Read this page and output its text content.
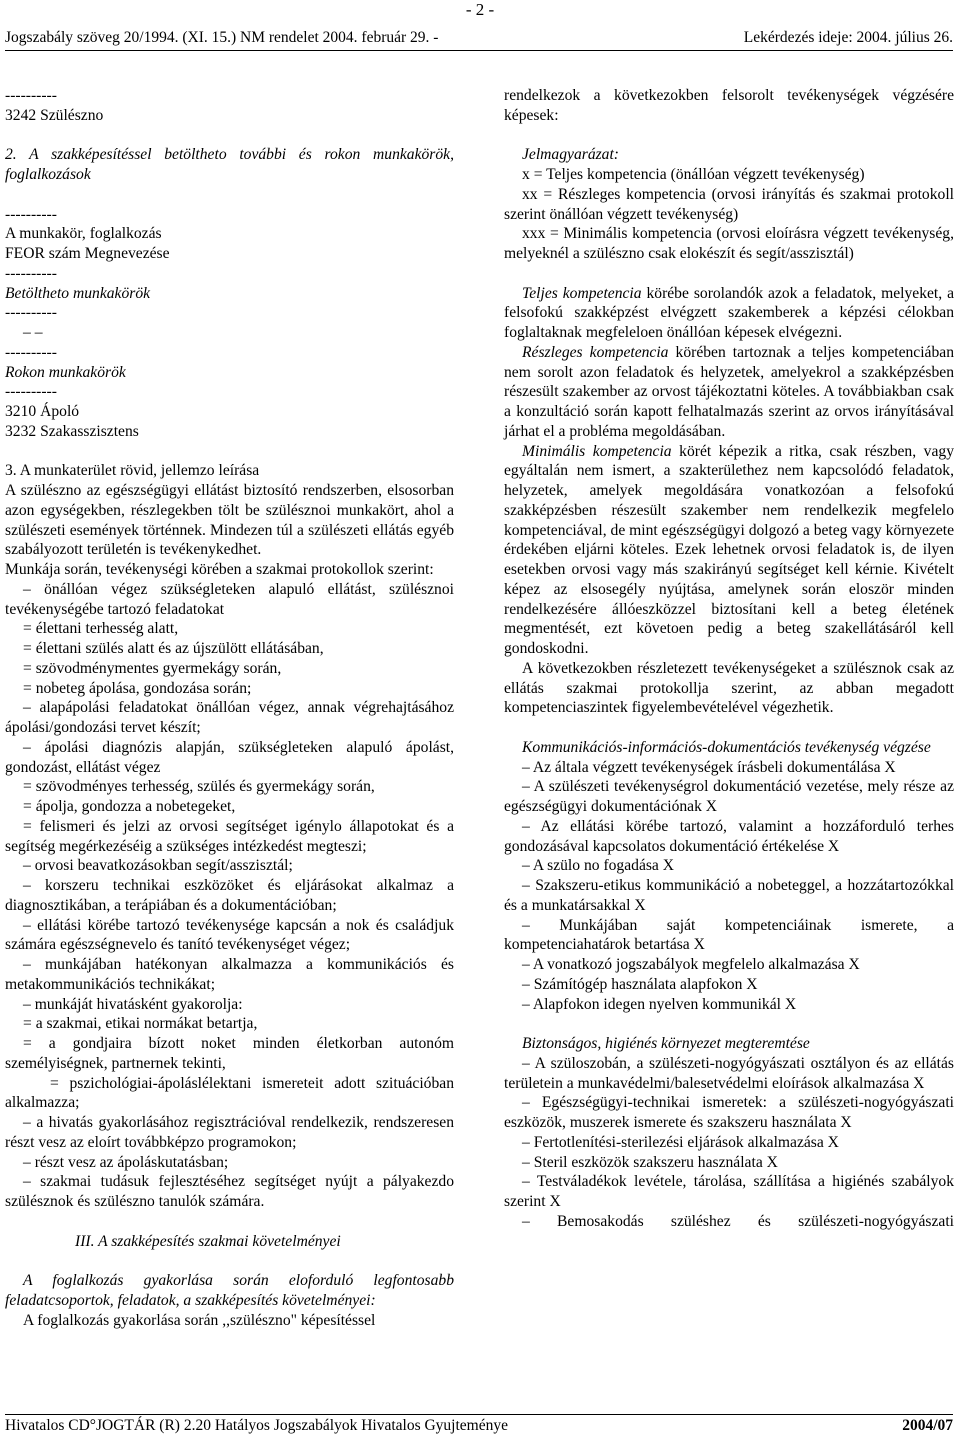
- 2 -
Jogszabály szöveg 20/1994. (XI. 15.) NM rendelet 2004. február 29. -	Lekérdezés ideje: 2004. július 26.

----------

3242 Szülészno

2. A szakképesítéssel betöltheto további és rokon munkakörök, foglalkozások

----------

A munkakör, foglalkozás

FEOR szám Megnevezése

----------

Betöltheto munkakörök

----------

– –

----------

Rokon munkakörök

----------

3210 Ápoló

3232 Szakasszisztens

3. A munkaterület rövid, jellemzo leírása

A szülészno az egészségügyi ellátást biztosító rendszerben, elsosorban azon egységekben, részlegekben tölt be szülésznoi munkakört, ahol a szülészeti események történnek. Mindezen túl a szülészeti ellátás egyéb szabályozott területén is tevékenykedhet.

Munkája során, tevékenységi körében a szakmai protokollok szerint:

– önállóan végez szükségleteken alapuló ellátást, szülésznoi tevékenységébe tartozó feladatokat

= élettani terhesség alatt,

= élettani szülés alatt és az újszülött ellátásában,

= szövodménymentes gyermekágy során,

= nobeteg ápolása, gondozása során;

– alapápolási feladatokat önállóan végez, annak végrehajtásához ápolási/gondozási tervet készít;

– ápolási diagnózis alapján, szükségleteken alapuló ápolást, gondozást, ellátást végez

= szövodményes terhesség, szülés és gyermekágy során,

= ápolja, gondozza a nobetegeket,

= felismeri és jelzi az orvosi segítséget igénylo állapotokat és a segítség megérkezéséig a szükséges intézkedést megteszi;

– orvosi beavatkozásokban segít/asszisztál;

– korszeru technikai eszközöket és eljárásokat alkalmaz a diagnosztikában, a terápiában és a dokumentációban;

– ellátási körébe tartozó tevékenysége kapcsán a nok és családjuk számára egészségnevelo és tanító tevékenységet végez;

– munkájában hatékonyan alkalmazza a kommunikációs és metakommunikációs technikákat;

– munkáját hivatásként gyakorolja:

= a szakmai, etikai normákat betartja,

= a gondjaira bízott noket minden életkorban autonóm személyiségnek, partnernek tekinti,

= pszichológiai-ápoláslélektani ismereteit adott szituációban alkalmazza;

– a hivatás gyakorlásához regisztrációval rendelkezik, rendszeresen részt vesz az eloírt továbbképzo programokon;

– részt vesz az ápoláskutatásban;

– szakmai tudásuk fejlesztéséhez segítséget nyújt a pályakezdo szülésznok és szülészno tanulók számára.

III. A szakképesítés szakmai követelményei

A foglalkozás gyakorlása során eloforduló legfontosabb feladatcsoportok, feladatok, a szakképesítés követelményei:

A foglalkozás gyakorlása során ,,szülészno" képesítéssel

rendelkezok a következokben felsorolt tevékenységek végzésére képesek:

Jelmagyarázat:

x = Teljes kompetencia (önállóan végzett tevékenység)

xx = Részleges kompetencia (orvosi irányítás és szakmai protokoll szerint önállóan végzett tevékenység)

xxx = Minimális kompetencia (orvosi eloírásra végzett tevékenység, melyeknél a szülészno csak elokészít és segít/asszisztál)

Teljes kompetencia körébe sorolandók azok a feladatok, melyeket, a felsofokú szakképzést elvégzett szakemberek a képzési célokban foglaltaknak megfeleloen önállóan képesek elvégezni.

Részleges kompetencia körében tartoznak a teljes kompetenciában nem sorolt azon feladatok és helyzetek, amelyekrol a szakképzésben részesült szakember az orvost tájékoztatni köteles. A továbbiakban csak a konzultáció során kapott felhatalmazás szerint az orvos irányításával járhat el a probléma megoldásában.

Minimális kompetencia körét képezik a ritka, csak részben, vagy egyáltalán nem ismert, a szakterülethez nem kapcsolódó feladatok, helyzetek, amelyek megoldására vonatkozóan a felsofokú szakképzésben részesült szakember nem rendelkezik megfelelo kompetenciával, de mint egészségügyi dolgozó a beteg vagy környezete érdekében eljárni köteles. Ezek lehetnek orvosi feladatok is, de ilyen esetekben orvosi vagy más szakirányú segítséget kell kérnie. Kivételt képez az elsosegély nyújtása, amelynek során eloször minden rendelkezésére állóeszközzel biztosítani kell a beteg életének megmentését, ezt követoen pedig a beteg szakellátásáról kell gondoskodni.

A következokben részletezett tevékenységeket a szülésznok csak az ellátás szakmai protokollja szerint, az abban megadott kompetenciaszintek figyelembevételével végezhetik.

Kommunikációs-információs-dokumentációs tevékenység végzése

– Az általa végzett tevékenységek írásbeli dokumentálása X

– A szülészeti tevékenységrol dokumentáció vezetése, mely része az egészségügyi dokumentációnak X

– Az ellátási körébe tartozó, valamint a hozzáforduló terhes gondozásával kapcsolatos dokumentáció értékelése X

– A szülo no fogadása X

– Szakszeru-etikus kommunikáció a nobeteggel, a hozzátartozókkal és a munkatársakkal X

– Munkájában saját kompetenciáinak ismerete, a kompetenciahatárok betartása X

– A vonatkozó jogszabályok megfelelo alkalmazása X

– Számítógép használata alapfokon X

– Alapfokon idegen nyelven kommunikál X

Biztonságos, higiénés környezet megteremtése

– A szüloszobán, a szülészeti-nogyógyászati osztályon és az ellátás területein a munkavédelmi/balesetvédelmi eloírások alkalmazása X

– Egészségügyi-technikai ismeretek: a szülészeti-nogyógyászati eszközök, muszerek ismerete és szakszeru használata X

– Fertotlenítési-sterilezési eljárások alkalmazása X

– Steril eszközök szakszeru használata X

– Testváladékok levétele, tárolása, szállítása a higiénés szabályok szerint X

– Bemosakodás szüléshez és szülészeti-nogyógyászati

Hivatalos CD°JOGTÁR (R) 2.20 Hatályos Jogszabályok Hivatalos Gyujteménye	2004/07
